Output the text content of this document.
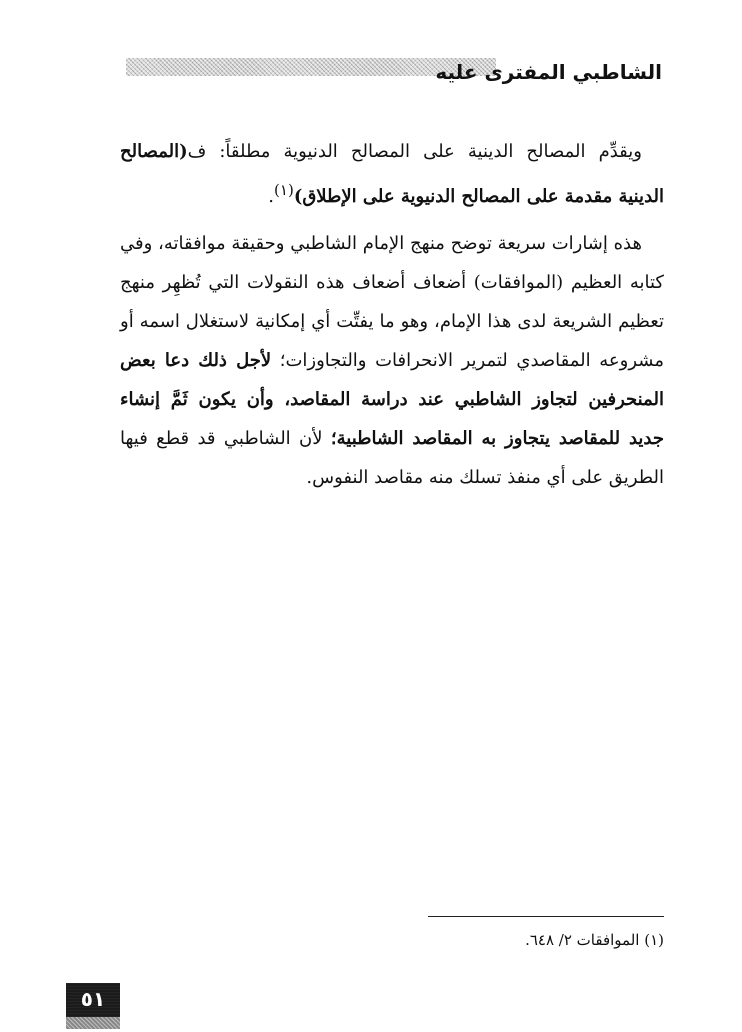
الشاطبي المفترى عليه

ويقدِّم المصالح الدينية على المصالح الدنيوية مطلقاً: ف(المصالح الدينية مقدمة على المصالح الدنيوية على الإطلاق)$^{(١)}$.

هذه إشارات سريعة توضح منهج الإمام الشاطبي وحقيقة موافقاته، وفي كتابه العظيم (الموافقات) أضعاف أضعاف هذه النقولات التي تُظهِر منهج تعظيم الشريعة لدى هذا الإمام، وهو ما يفتِّت أي إمكانية لاستغلال اسمه أو مشروعه المقاصدي لتمرير الانحرافات والتجاوزات؛ لأجل ذلك دعا بعض المنحرفين لتجاوز الشاطبي عند دراسة المقاصد، وأن يكون ثَمَّ إنشاء جديد للمقاصد يتجاوز به المقاصد الشاطبية؛ لأن الشاطبي قد قطع فيها الطريق على أي منفذ تسلك منه مقاصد النفوس.

(١) الموافقات ٢/ ٦٤٨.

٥١
